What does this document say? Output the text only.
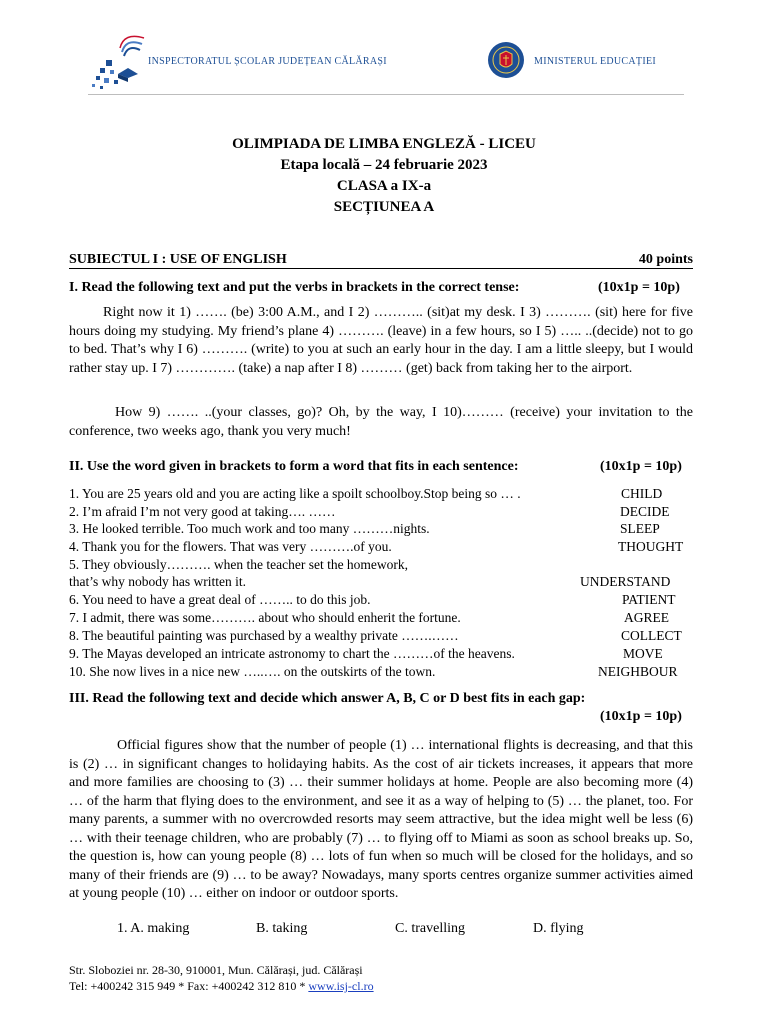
INSPECTORATUL ȘCOLAR JUDEȚEAN CĂLĂRAȘI	MINISTERUL EDUCAȚIEI
OLIMPIADA DE LIMBA ENGLEZĂ - LICEU
Etapa locală – 24 februarie 2023
CLASA a IX-a
SECȚIUNEA A
SUBIECTUL I : USE OF ENGLISH	40 points
I. Read the following text and put the verbs in brackets in the correct tense:	(10x1p = 10p)
Right now it 1) ……. (be) 3:00 A.M., and I 2) ……….. (sit)at my desk. I 3) ………. (sit) here for five hours doing my studying. My friend’s plane 4) ………. (leave) in a few hours, so I 5) ….. ..(decide) not to go to bed. That’s why I 6) ………. (write) to you at such an early hour in the day. I am a little sleepy, but I would rather stay up. I 7) …………. (take) a nap after I 8) ……… (get) back from taking her to the airport.
How 9) ……. ..(your classes, go)? Oh, by the way, I 10)……… (receive) your invitation to the conference, two weeks ago, thank you very much!
II. Use the word given in brackets to form a word that fits in each sentence:	(10x1p = 10p)
1. You are 25 years old and you are acting like a spoilt schoolboy.Stop being so … .	CHILD
2. I’m afraid I’m not very good at taking…. ……	DECIDE
3. He looked terrible. Too much work and too many ………nights.	SLEEP
4. Thank you for the flowers. That was very ……….of you.	THOUGHT
5. They obviously………. when the teacher set the homework,
that’s why nobody has written it.	UNDERSTAND
6. You need to have a great deal of …….. to do this job.	PATIENT
7. I admit, there was some………. about who should enherit the fortune.	AGREE
8. The beautiful painting was purchased by a wealthy private …….……	COLLECT
9. The Mayas developed an intricate astronomy to chart the ………of the heavens.	MOVE
10. She now lives in a nice new …..…. on the outskirts of the town.	NEIGHBOUR
III. Read the following text and decide which answer A, B, C or D best fits in each gap:
(10x1p = 10p)
Official figures show that the number of people (1) … international flights is decreasing, and that this is (2) … in significant changes to holidaying habits. As the cost of air tickets increases, it appears that more and more families are choosing to (3) … their summer holidays at home. People are also becoming more (4) … of the harm that flying does to the environment, and see it as a way of helping to (5) … the planet, too. For many parents, a summer with no overcrowded resorts may seem attractive, but the idea might well be less (6) … with their teenage children, who are probably (7) … to flying off to Miami as soon as school breaks up. So, the question is, how can young people (8) … lots of fun when so much will be closed for the holidays, and so many of their friends are (9) … to be away? Nowadays, many sports centres organize summer activities aimed at young people (10) … either on indoor or outdoor sports.
1. A. making	B. taking	C. travelling	D. flying
Str. Sloboziei nr. 28-30, 910001, Mun. Călărași, jud. Călărași
Tel: +400242 315 949 * Fax: +400242 312 810 * www.isj-cl.ro
